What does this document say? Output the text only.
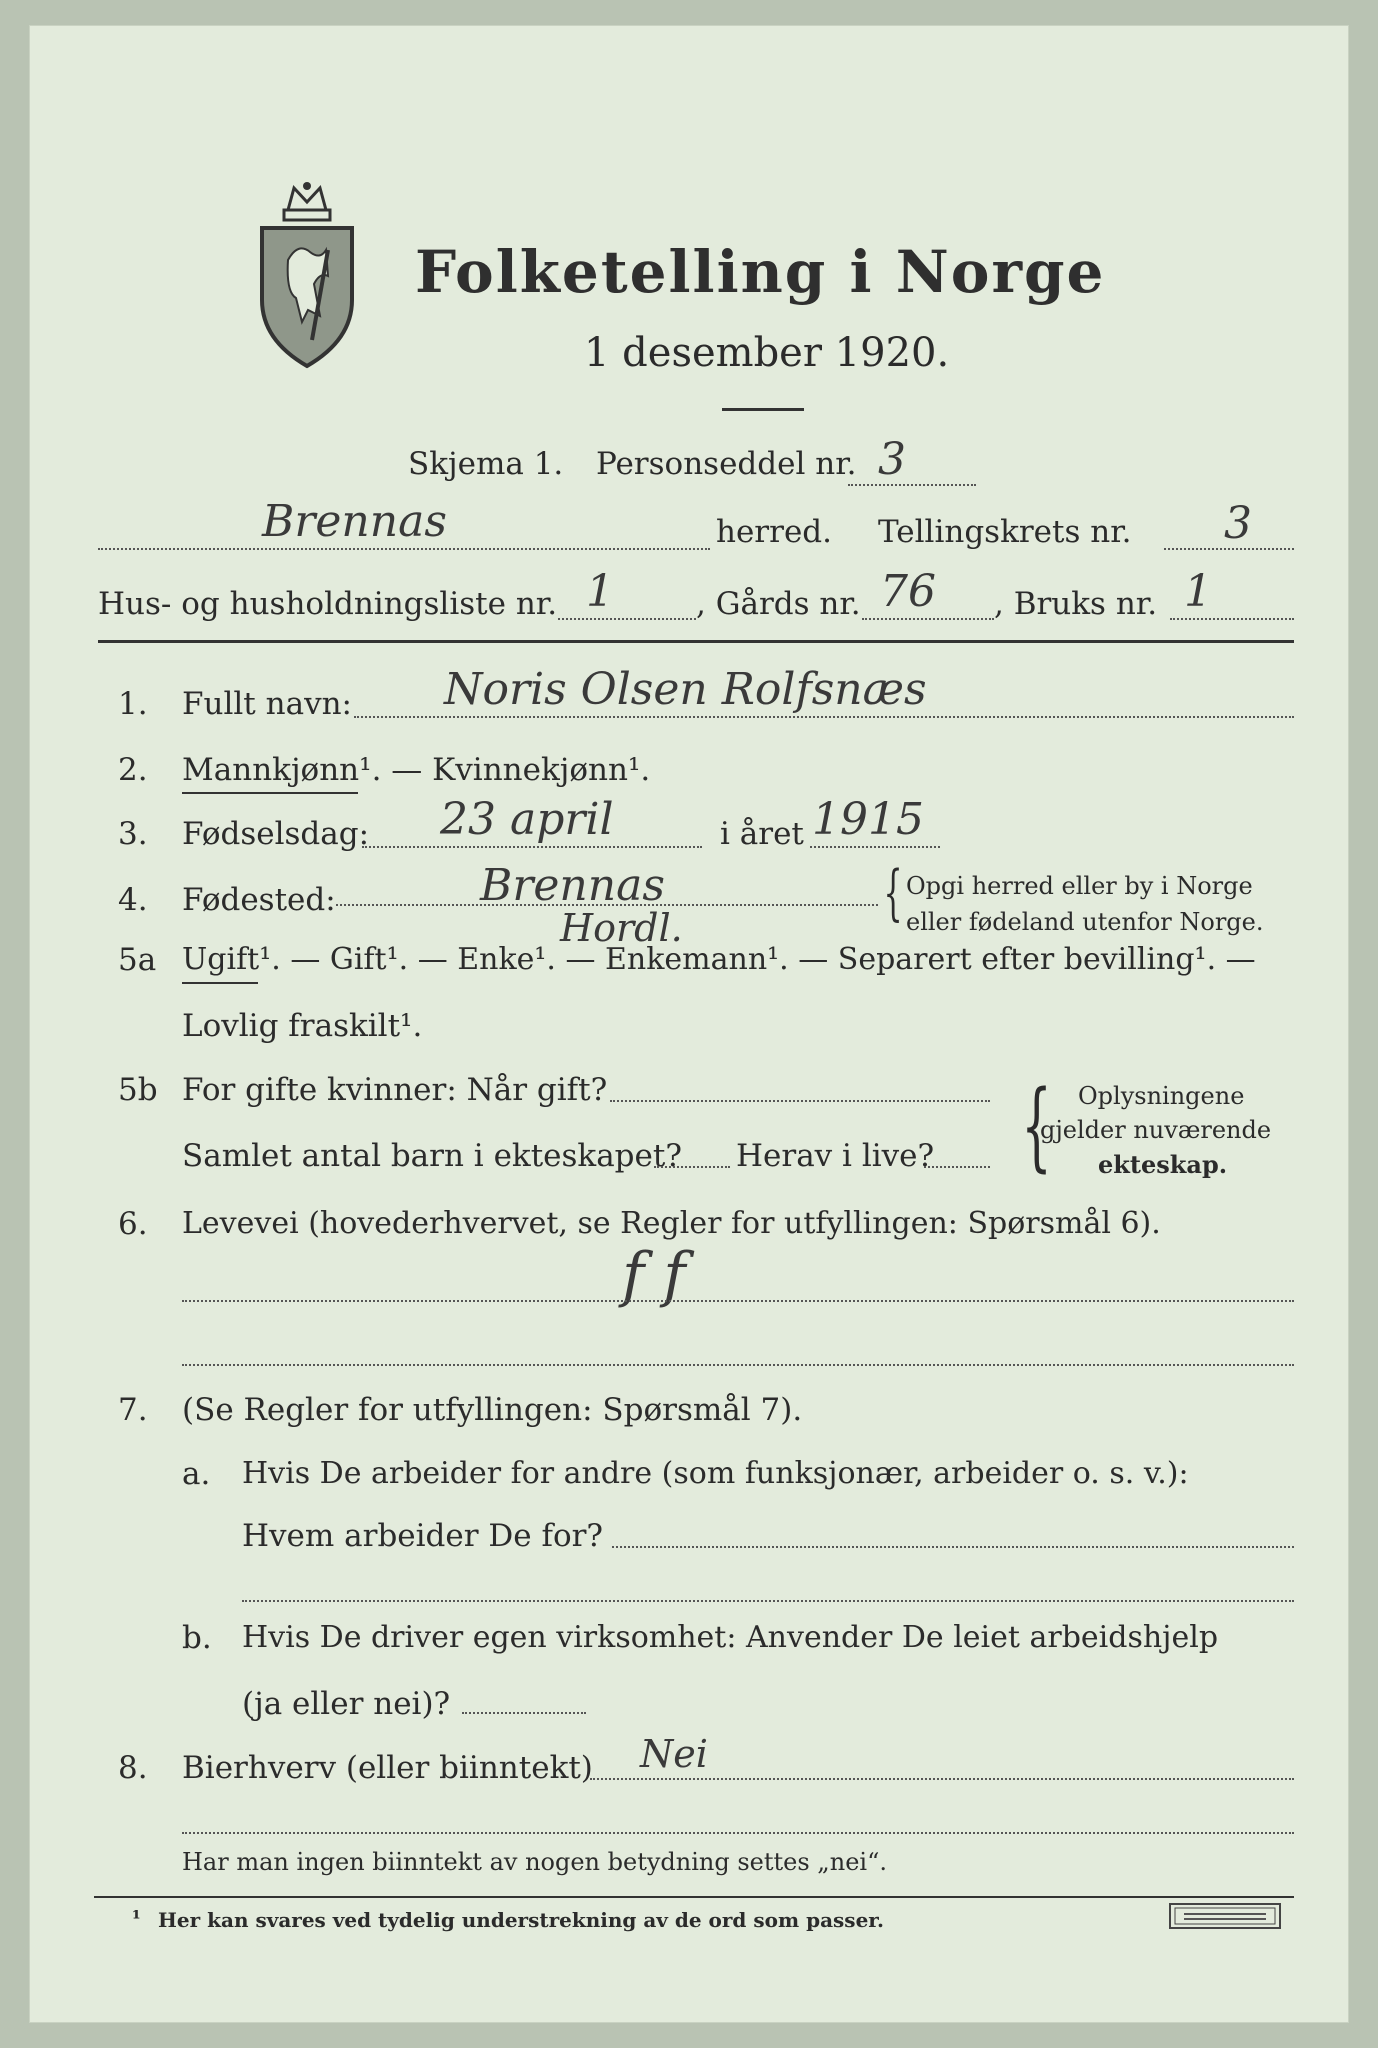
Folketelling i Norge
1 desember 1920.
Skjema 1. Personseddel nr. 3
Brennas	herred. Tellingskrets nr. 3
Hus- og husholdningsliste nr. 1	, Gårds nr. 76 , Bruks nr. 1
1. Fullt navn: Noris Olsen Rolfsnæs
2. Mannkjønn¹. — Kvinnekjønn¹.
3. Fødselsdag: 23 april	i året 1915
4. Fødested:	Brennas
Hordl.	{ Opgi herred eller by i Norge
eller fødeland utenfor Norge.
5a Ugift¹. — Gift¹. — Enke¹. — Enkemann¹. — Separert efter bevilling¹. —
Lovlig fraskilt¹.
5b For gifte kvinner: Når gift?
Samlet antal barn i ekteskapet? Herav i live? { Oplysningene
gjelder nuværende
ekteskap.
6. Levevei (hovederhvervet, se Regler for utfyllingen: Spørsmål 6).
f f
7. (Se Regler for utfyllingen: Spørsmål 7).
a. Hvis De arbeider for andre (som funksjonær, arbeider o. s. v.):
Hvem arbeider De for?
b. Hvis De driver egen virksomhet: Anvender De leiet arbeidshjelp
(ja eller nei)?
8. Bierhverv (eller biinntekt) Nei
Har man ingen biinntekt av nogen betydning settes „nei“.
¹ Her kan svares ved tydelig understrekning av de ord som passer.
